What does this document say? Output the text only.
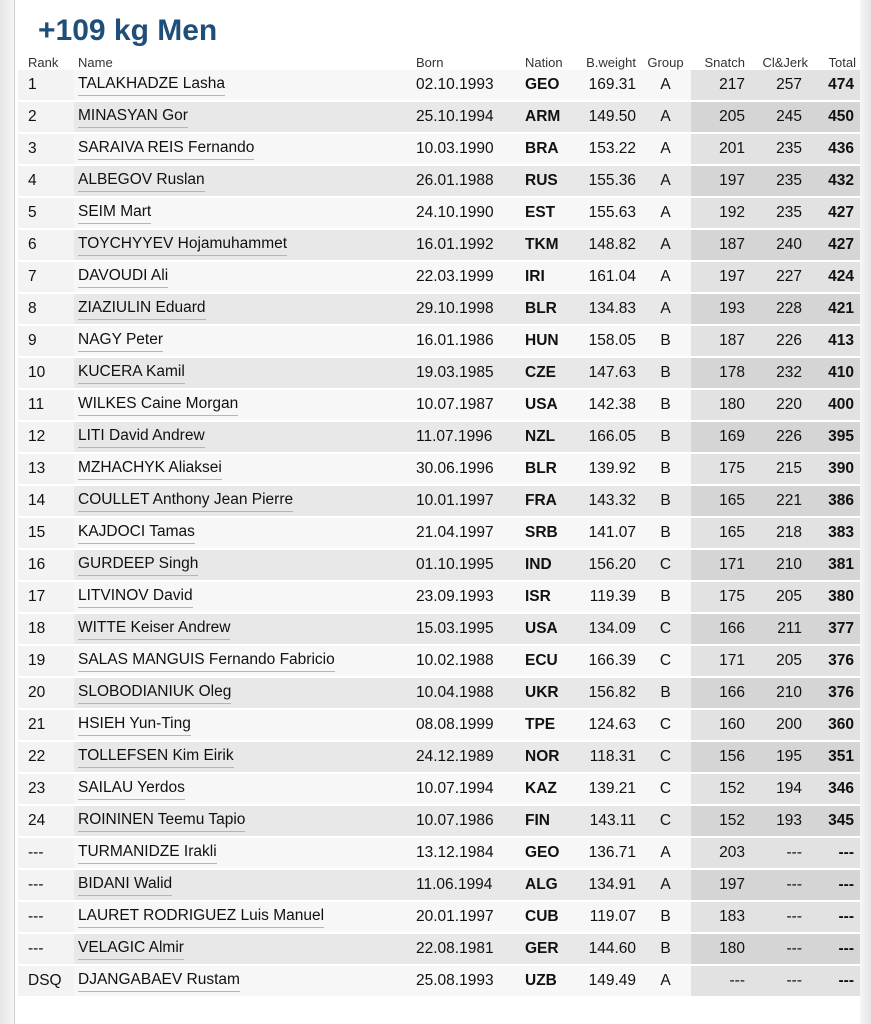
+109 kg Men
Rank	Name	Born	Nation	B.weight	Group	Snatch	Cl&Jerk	Total
1	TALAKHADZE Lasha	02.10.1993	GEO	169.31	A	217	257	474
2	MINASYAN Gor	25.10.1994	ARM	149.50	A	205	245	450
3	SARAIVA REIS Fernando	10.03.1990	BRA	153.22	A	201	235	436
4	ALBEGOV Ruslan	26.01.1988	RUS	155.36	A	197	235	432
5	SEIM Mart	24.10.1990	EST	155.63	A	192	235	427
6	TOYCHYYEV Hojamuhammet	16.01.1992	TKM	148.82	A	187	240	427
7	DAVOUDI Ali	22.03.1999	IRI	161.04	A	197	227	424
8	ZIAZIULIN Eduard	29.10.1998	BLR	134.83	A	193	228	421
9	NAGY Peter	16.01.1986	HUN	158.05	B	187	226	413
10	KUCERA Kamil	19.03.1985	CZE	147.63	B	178	232	410
11	WILKES Caine Morgan	10.07.1987	USA	142.38	B	180	220	400
12	LITI David Andrew	11.07.1996	NZL	166.05	B	169	226	395
13	MZHACHYK Aliaksei	30.06.1996	BLR	139.92	B	175	215	390
14	COULLET Anthony Jean Pierre	10.01.1997	FRA	143.32	B	165	221	386
15	KAJDOCI Tamas	21.04.1997	SRB	141.07	B	165	218	383
16	GURDEEP Singh	01.10.1995	IND	156.20	C	171	210	381
17	LITVINOV David	23.09.1993	ISR	119.39	B	175	205	380
18	WITTE Keiser Andrew	15.03.1995	USA	134.09	C	166	211	377
19	SALAS MANGUIS Fernando Fabricio	10.02.1988	ECU	166.39	C	171	205	376
20	SLOBODIANIUK Oleg	10.04.1988	UKR	156.82	B	166	210	376
21	HSIEH Yun-Ting	08.08.1999	TPE	124.63	C	160	200	360
22	TOLLEFSEN Kim Eirik	24.12.1989	NOR	118.31	C	156	195	351
23	SAILAU Yerdos	10.07.1994	KAZ	139.21	C	152	194	346
24	ROININEN Teemu Tapio	10.07.1986	FIN	143.11	C	152	193	345
---	TURMANIDZE Irakli	13.12.1984	GEO	136.71	A	203	---	---
---	BIDANI Walid	11.06.1994	ALG	134.91	A	197	---	---
---	LAURET RODRIGUEZ Luis Manuel	20.01.1997	CUB	119.07	B	183	---	---
---	VELAGIC Almir	22.08.1981	GER	144.60	B	180	---	---
DSQ	DJANGABAEV Rustam	25.08.1993	UZB	149.49	A	---	---	---
